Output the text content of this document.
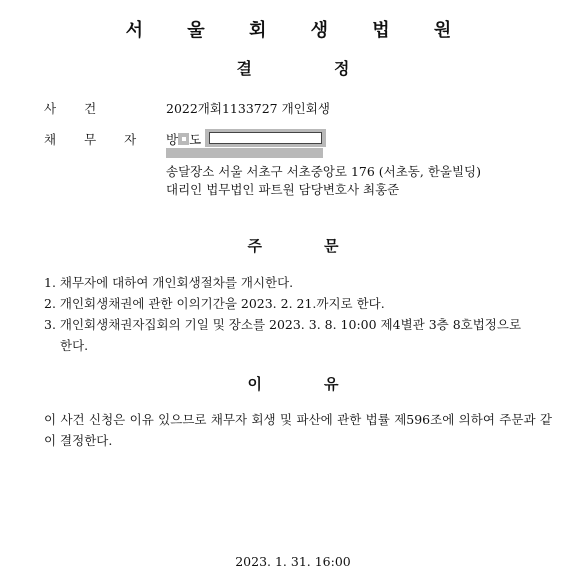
서 울 회 생 법 원
결정
사건	2022개회1133727 개인회생
채무자 방 도
송달장소 서울 서초구 서초중앙로 176 (서초동, 한울빌딩)
대리인 법무법인 파트원 담당변호사 최홍준
주문
1. 채무자에 대하여 개인회생절차를 개시한다.
2. 개인회생채권에 관한 이의기간을 2023. 2. 21.까지로 한다.
3. 개인회생채권자집회의 기일 및 장소를 2023. 3. 8. 10:00 제4별관 3층 8호법정으로
한다.
이유
이 사건 신청은 이유 있으므로 채무자 회생 및 파산에 관한 법률 제596조에 의하여 주문과 같이 결정한다.
2023. 1. 31. 16:00
